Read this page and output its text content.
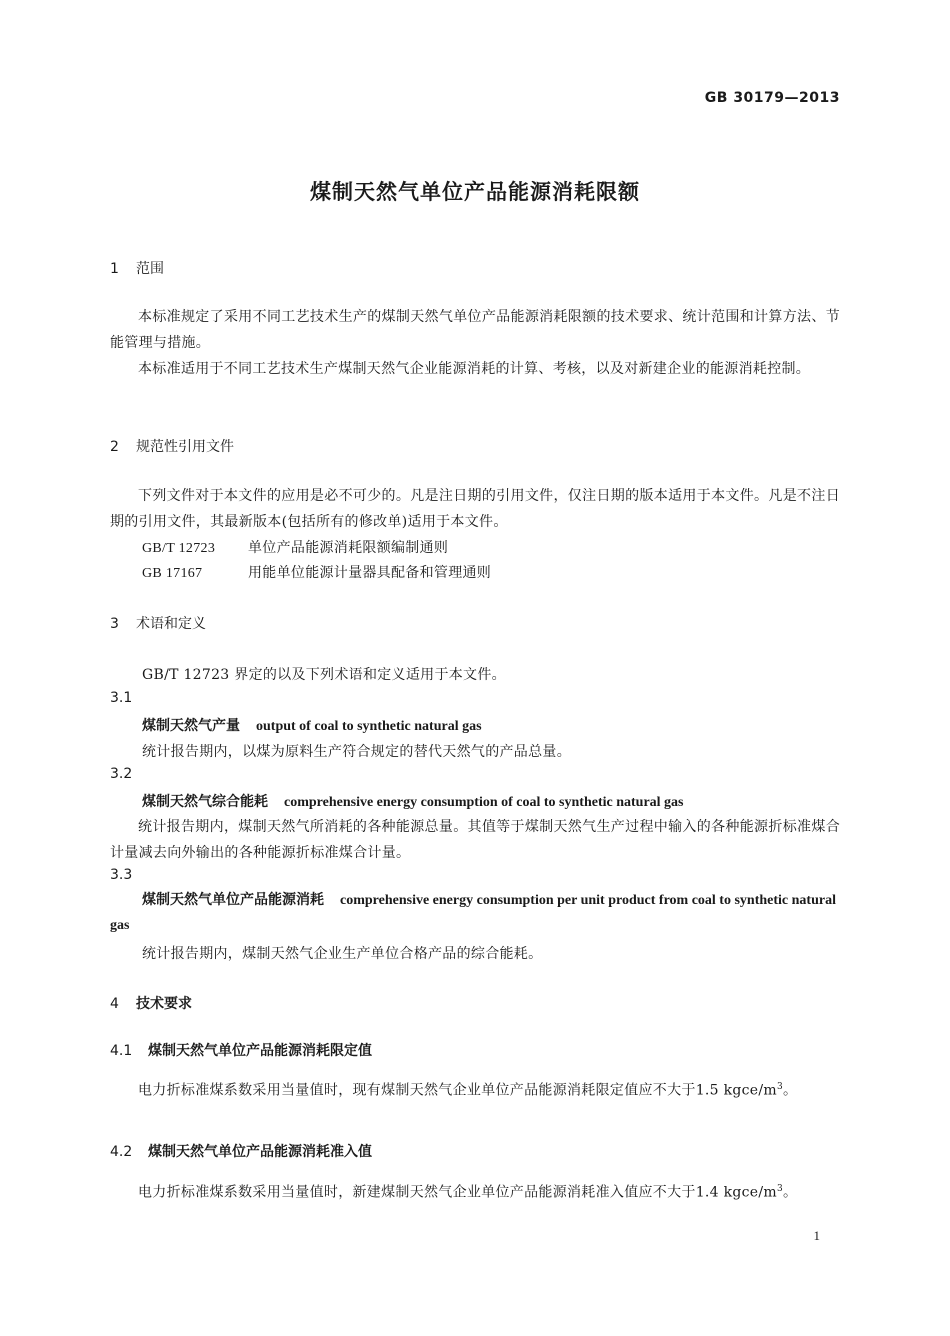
GB 30179—2013
煤制天然气单位产品能源消耗限额
1 范围
本标准规定了采用不同工艺技术生产的煤制天然气单位产品能源消耗限额的技术要求、统计范围和计算方法、节能管理与措施。
本标准适用于不同工艺技术生产煤制天然气企业能源消耗的计算、考核，以及对新建企业的能源消耗控制。
2 规范性引用文件
下列文件对于本文件的应用是必不可少的。凡是注日期的引用文件，仅注日期的版本适用于本文件。凡是不注日期的引用文件，其最新版本(包括所有的修改单)适用于本文件。
GB/T 12723 单位产品能源消耗限额编制通则
GB 17167	用能单位能源计量器具配备和管理通则
3 术语和定义
GB/T 12723 界定的以及下列术语和定义适用于本文件。
3.1
煤制天然气产量 output of coal to synthetic natural gas
统计报告期内，以煤为原料生产符合规定的替代天然气的产品总量。
3.2
煤制天然气综合能耗 comprehensive energy consumption of coal to synthetic natural gas
统计报告期内，煤制天然气所消耗的各种能源总量。其值等于煤制天然气生产过程中输入的各种能源折标准煤合计量减去向外输出的各种能源折标准煤合计量。
3.3
煤制天然气单位产品能源消耗 comprehensive energy consumption per unit product from coal to synthetic natural gas
统计报告期内，煤制天然气企业生产单位合格产品的综合能耗。
4 技术要求
4.1 煤制天然气单位产品能源消耗限定值
电力折标准煤系数采用当量值时，现有煤制天然气企业单位产品能源消耗限定值应不大于1.5 kgce/$m^3$。
4.2 煤制天然气单位产品能源消耗准入值
电力折标准煤系数采用当量值时，新建煤制天然气企业单位产品能源消耗准入值应不大于1.4 kgce/$m^3$。
1
